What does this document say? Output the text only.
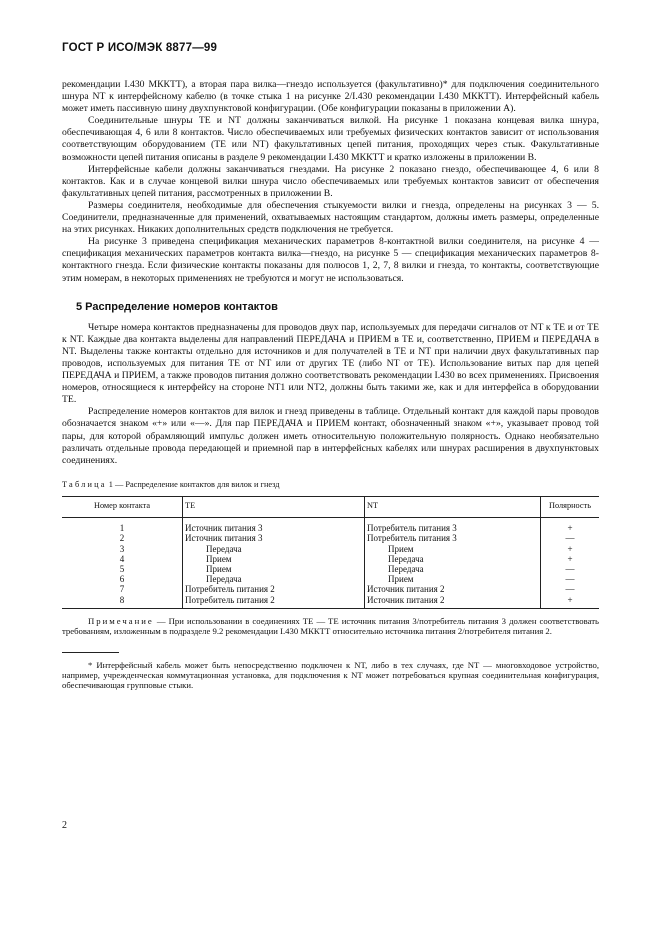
ГОСТ Р ИСО/МЭК 8877—99

рекомендации I.430 МККТТ), а вторая пара вилка—гнездо используется (факультативно)* для подключения соединительного шнура NT к интерфейсному кабелю (в точке стыка 1 на рисунке 2/I.430 рекомендации I.430 МККТТ). Интерфейсный кабель может иметь пассивную шину двухпунктовой конфигурации. (Обе конфигурации показаны в приложении А).

Соединительные шнуры TE и NT должны заканчиваться вилкой. На рисунке 1 показана концевая вилка шнура, обеспечивающая 4, 6 или 8 контактов. Число обеспечиваемых или требуемых физических контактов зависит от использования соответствующим оборудованием (TE или NT) факультативных цепей питания, проходящих через стык. Факультативные возможности цепей питания описаны в разделе 9 рекомендации I.430 МККТТ и кратко изложены в приложении В.

Интерфейсные кабели должны заканчиваться гнездами. На рисунке 2 показано гнездо, обеспечивающее 4, 6 или 8 контактов. Как и в случае концевой вилки шнура число обеспечиваемых или требуемых контактов зависит от обеспечения факультативных цепей питания, рассмотренных в приложении В.

Размеры соединителя, необходимые для обеспечения стыкуемости вилки и гнезда, определены на рисунках 3 — 5. Соединители, предназначенные для применений, охватываемых настоящим стандартом, должны иметь размеры, определенные на этих рисунках. Никаких дополнительных средств подключения не требуется.

На рисунке 3 приведена спецификация механических параметров 8-контактной вилки соединителя, на рисунке 4 — спецификация механических параметров контакта вилка—гнездо, на рисунке 5 — спецификация механических параметров 8-контактного гнезда. Если физические контакты показаны для полюсов 1, 2, 7, 8 вилки и гнезда, то контакты, соответствующие этим номерам, в некоторых применениях не требуются и могут не использоваться.

5 Распределение номеров контактов

Четыре номера контактов предназначены для проводов двух пар, используемых для передачи сигналов от NT к TE и от TE к NT. Каждые два контакта выделены для направлений ПЕРЕДАЧА и ПРИЕМ в TE и, соответственно, ПРИЕМ и ПЕРЕДАЧА в NT. Выделены также контакты отдельно для источников и для получателей в TE и NT при наличии двух факультативных пар проводов, используемых для питания TE от NT или от других TE (либо NT от TE). Использование витых пар для цепей ПЕРЕДАЧА и ПРИЕМ, а также проводов питания должно соответствовать рекомендации I.430 во всех применениях. Присвоения номеров, относящиеся к интерфейсу на стороне NT1 или NT2, должны быть такими же, как и для интерфейса в оборудовании TE.

Распределение номеров контактов для вилок и гнезд приведены в таблице. Отдельный контакт для каждой пары проводов обозначается знаком «+» или «—». Для пар ПЕРЕДАЧА и ПРИЕМ контакт, обозначенный знаком «+», указывает провод той пары, для которой обрамляющий импульс должен иметь относительную положительную полярность. Однако необязательно различать отдельные провода передающей и приемной пар в интерфейсных кабелях или шнурах расширения в двухпунктовых соединениях.

Таблица 1 — Распределение контактов для вилок и гнезд
Номер контакта	TE	NT	Полярность
1	Источник питания 3	Потребитель питания 3	+
2	Источник питания 3	Потребитель питания 3	—
3	Передача	Прием	+
4	Прием	Передача	+
5	Прием	Передача	—
6	Передача	Прием	—
7	Потребитель питания 2	Источник питания 2	—
8	Потребитель питания 2	Источник питания 2	+
Примечание — При использовании в соединениях TE — TE источник питания 3/потребитель питания 3 должен соответствовать требованиям, изложенным в подразделе 9.2 рекомендации I.430 МККТТ относительно источника питания 2/потребителя питания 2.
* Интерфейсный кабель может быть непосредственно подключен к NT, либо в тех случаях, где NT — многовходовое устройство, например, учрежденческая коммутационная установка, для подключения к NT может потребоваться крупная соединительная конфигурация, обеспечивающая групповые стыки.
2
